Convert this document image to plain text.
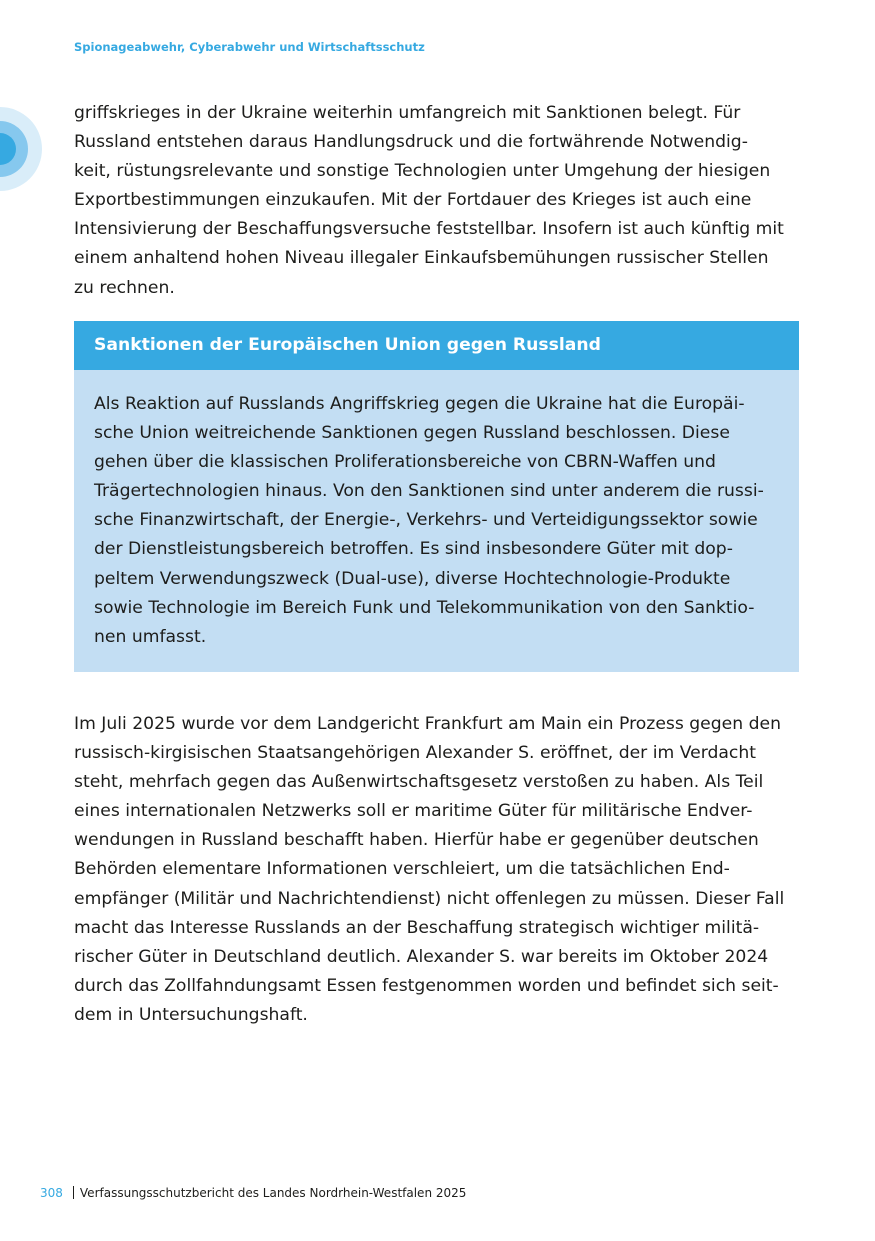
Spionageabwehr, Cyberabwehr und Wirtschaftsschutz
griffskrieges in der Ukraine weiterhin umfangreich mit Sanktionen belegt. Für
Russland entstehen daraus Handlungsdruck und die fortwährende Notwendig-
keit, rüstungsrelevante und sonstige Technologien unter Umgehung der hiesigen
Exportbestimmungen einzukaufen. Mit der Fortdauer des Krieges ist auch eine
Intensivierung der Beschaffungsversuche feststellbar. Insofern ist auch künftig mit
einem anhaltend hohen Niveau illegaler Einkaufsbemühungen russischer Stellen
zu rechnen.
Sanktionen der Europäischen Union gegen Russland
Als Reaktion auf Russlands Angriffskrieg gegen die Ukraine hat die Europäi-
sche Union weitreichende Sanktionen gegen Russland beschlossen. Diese
gehen über die klassischen Proliferationsbereiche von CBRN-Waffen und
Trägertechnologien hinaus. Von den Sanktionen sind unter anderem die russi-
sche Finanzwirtschaft, der Energie-, Verkehrs- und Verteidigungssektor sowie
der Dienstleistungsbereich betroffen. Es sind insbesondere Güter mit dop-
peltem Verwendungszweck (Dual-use), diverse Hochtechnologie-Produkte
sowie Technologie im Bereich Funk und Telekommunikation von den Sanktio-
nen umfasst.
Im Juli 2025 wurde vor dem Landgericht Frankfurt am Main ein Prozess gegen den
russisch-kirgisischen Staatsangehörigen Alexander S. eröffnet, der im Verdacht
steht, mehrfach gegen das Außenwirtschaftsgesetz verstoßen zu haben. Als Teil
eines internationalen Netzwerks soll er maritime Güter für militärische Endver-
wendungen in Russland beschafft haben. Hierfür habe er gegenüber deutschen
Behörden elementare Informationen verschleiert, um die tatsächlichen End-
empfänger (Militär und Nachrichtendienst) nicht offenlegen zu müssen. Dieser Fall
macht das Interesse Russlands an der Beschaffung strategisch wichtiger militä-
rischer Güter in Deutschland deutlich. Alexander S. war bereits im Oktober 2024
durch das Zollfahndungsamt Essen festgenommen worden und befindet sich seit-
dem in Untersuchungshaft.
308 Verfassungsschutzbericht des Landes Nordrhein-Westfalen 2025
